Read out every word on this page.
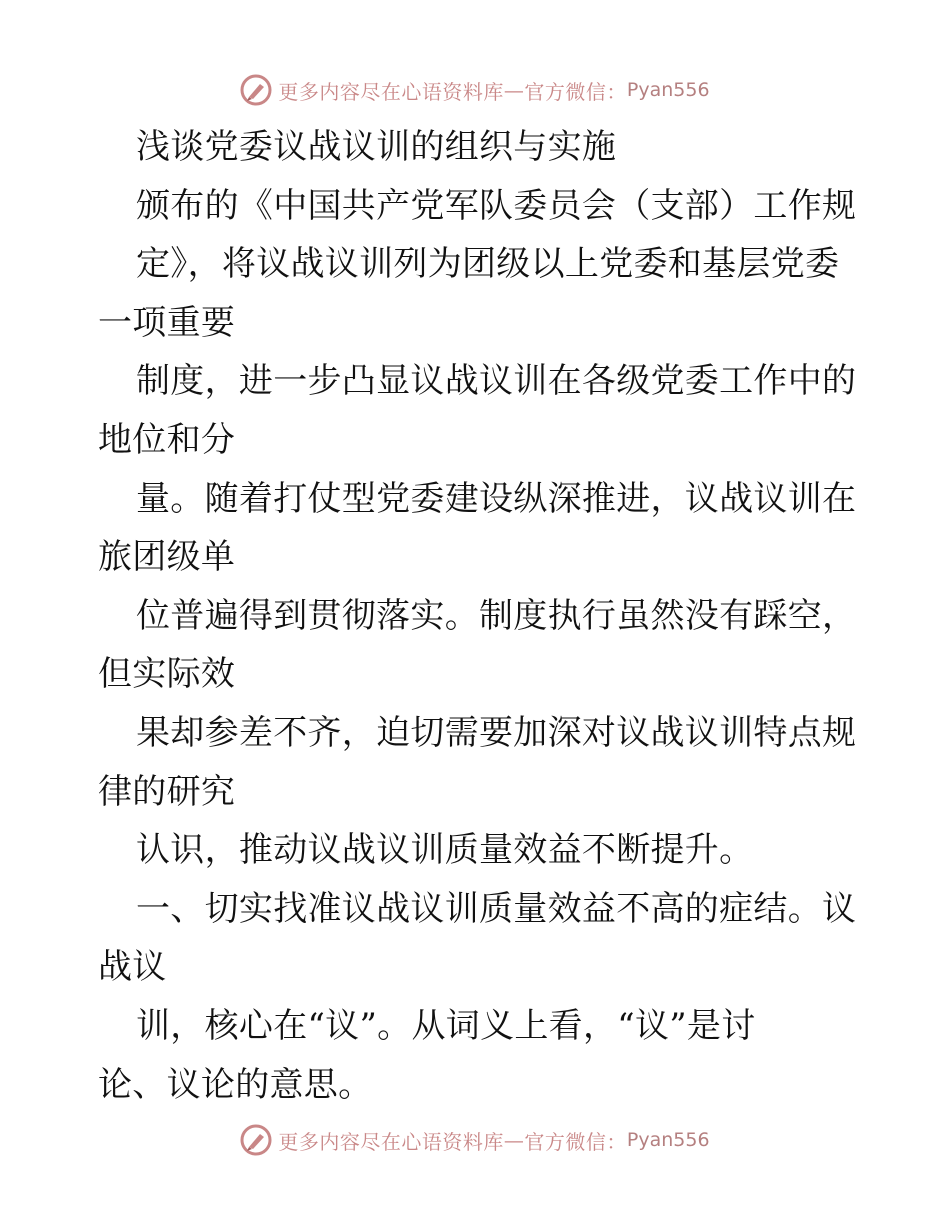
更多内容尽在心语资料库 — 官方微信： Pyan556
浅谈党委议战议训的组织与实施
颁布的《中国共产党军队委员会（支部）工作规
定》，将议战议训列为团级以上党委和基层党委
一项重要
制度，进一步凸显议战议训在各级党委工作中的
地位和分
量。随着打仗型党委建设纵深推进，议战议训在
旅团级单
位普遍得到贯彻落实。制度执行虽然没有踩空，
但实际效
果却参差不齐，迫切需要加深对议战议训特点规
律的研究
认识，推动议战议训质量效益不断提升。
一、切实找准议战议训质量效益不高的症结。议
战议
训，核心在“议”。从词义上看，“议”是讨
论、议论的意思。
更多内容尽在心语资料库 — 官方微信： Pyan556
